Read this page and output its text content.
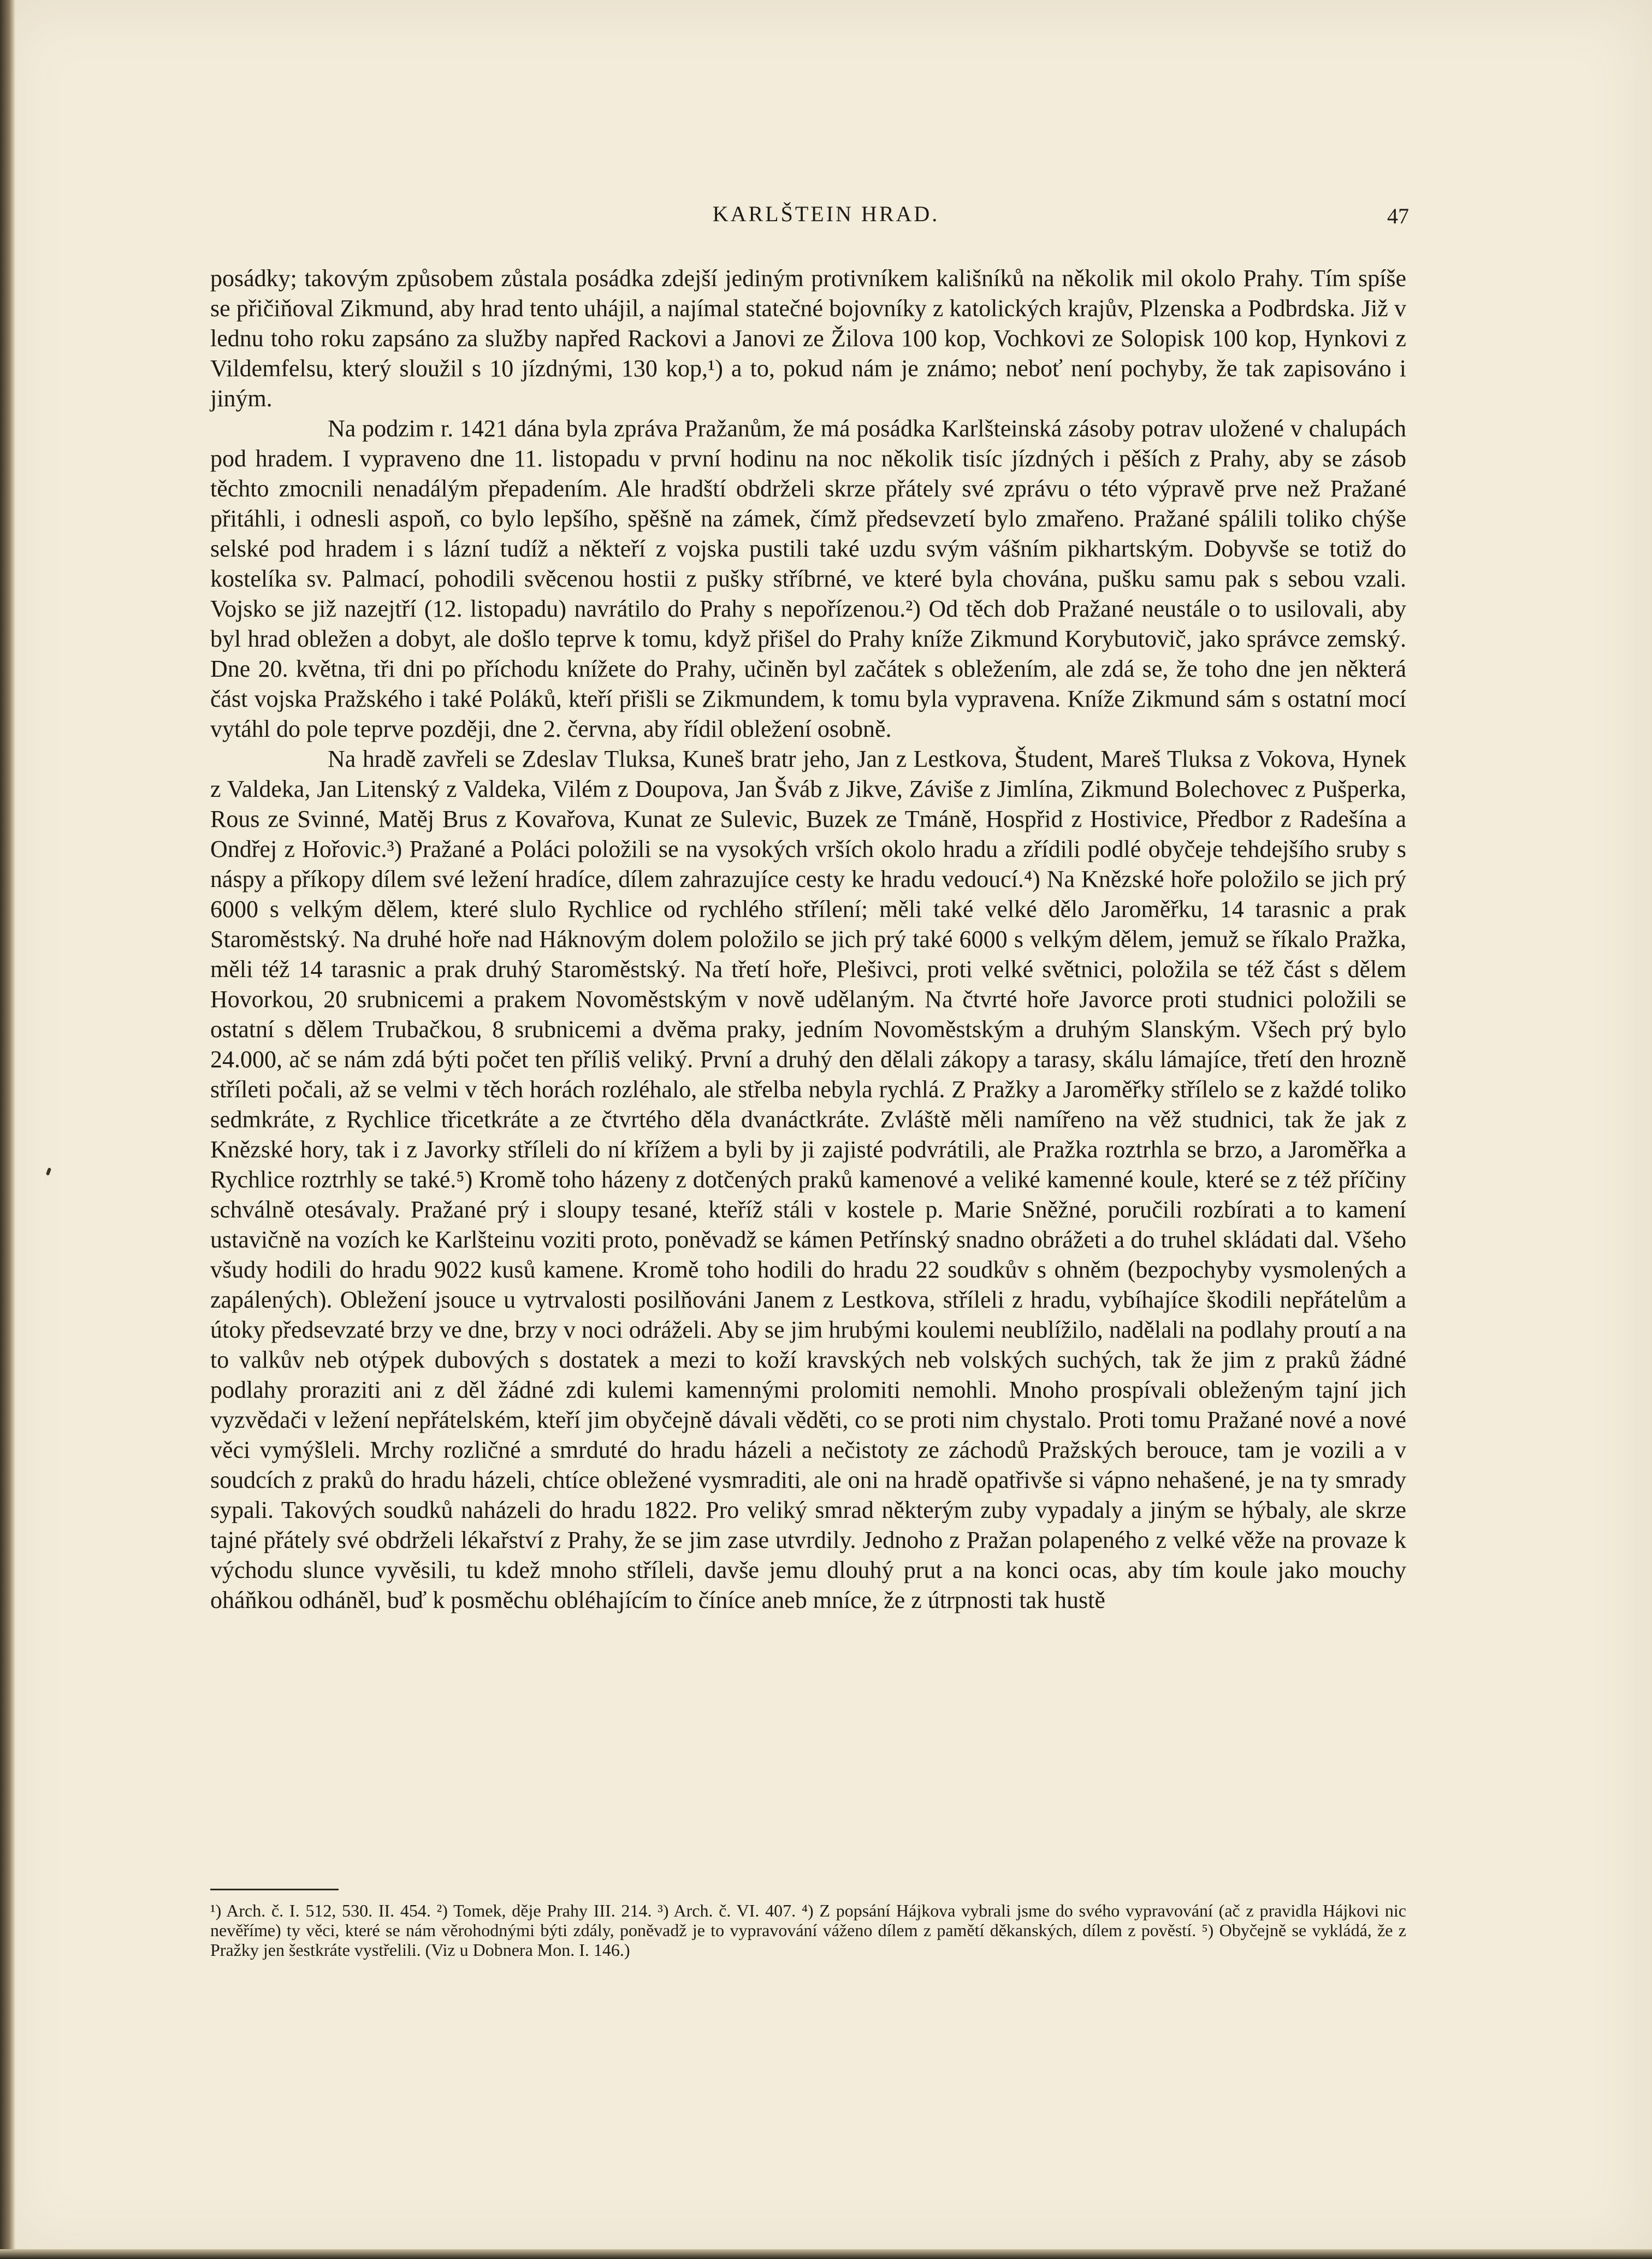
KARLŠTEIN HRAD.	47

posádky; takovým způsobem zůstala posádka zdejší jediným protivníkem kališníků na několik mil okolo Prahy. Tím spíše se přičiňoval Zikmund, aby hrad tento uhájil, a najímal statečné bojovníky z katolických krajův, Plzenska a Podbrdska. Již v lednu toho roku zapsáno za služby napřed Rackovi a Janovi ze Žilova 100 kop, Vochkovi ze Solopisk 100 kop, Hynkovi z Vildemfelsu, který sloužil s 10 jízdnými, 130 kop,¹) a to, pokud nám je známo; neboť není pochyby, že tak zapisováno i jiným.

Na podzim r. 1421 dána byla zpráva Pražanům, že má posádka Karlšteinská zásoby potrav uložené v chalupách pod hradem. I vypraveno dne 11. listopadu v první hodinu na noc několik tisíc jízdných i pěších z Prahy, aby se zásob těchto zmocnili nenadálým přepadením. Ale hradští obdrželi skrze přátely své zprávu o této výpravě prve než Pražané přitáhli, i odnesli aspoň, co bylo lepšího, spěšně na zámek, čímž předsevzetí bylo zmařeno. Pražané spálili toliko chýše selské pod hradem i s lázní tudíž a někteří z vojska pustili také uzdu svým vášním pikhartským. Dobyvše se totiž do kostelíka sv. Palmací, pohodili svěcenou hostii z pušky stříbrné, ve které byla chována, pušku samu pak s sebou vzali. Vojsko se již nazejtří (12. listopadu) navrátilo do Prahy s nepořízenou.²) Od těch dob Pražané neustále o to usilovali, aby byl hrad obležen a dobyt, ale došlo teprve k tomu, když přišel do Prahy kníže Zikmund Korybutovič, jako správce zemský. Dne 20. května, tři dni po příchodu knížete do Prahy, učiněn byl začátek s obležením, ale zdá se, že toho dne jen některá část vojska Pražského i také Poláků, kteří přišli se Zikmundem, k tomu byla vypravena. Kníže Zikmund sám s ostatní mocí vytáhl do pole teprve později, dne 2. června, aby řídil obležení osobně.

Na hradě zavřeli se Zdeslav Tluksa, Kuneš bratr jeho, Jan z Lestkova, Študent, Mareš Tluksa z Vokova, Hynek z Valdeka, Jan Litenský z Valdeka, Vilém z Doupova, Jan Šváb z Jikve, Záviše z Jimlína, Zikmund Bolechovec z Pušperka, Rous ze Svinné, Matěj Brus z Kovařova, Kunat ze Sulevic, Buzek ze Tmáně, Hospřid z Hostivice, Předbor z Radešína a Ondřej z Hořovic.³) Pražané a Poláci položili se na vysokých vrších okolo hradu a zřídili podlé obyčeje tehdejšího sruby s náspy a příkopy dílem své ležení hradíce, dílem zahrazujíce cesty ke hradu vedoucí.⁴) Na Knězské hoře položilo se jich prý 6000 s velkým dělem, které slulo Rychlice od rychlého střílení; měli také velké dělo Jaroměřku, 14 tarasnic a prak Staroměstský. Na druhé hoře nad Háknovým dolem položilo se jich prý také 6000 s velkým dělem, jemuž se říkalo Pražka, měli též 14 tarasnic a prak druhý Staroměstský. Na třetí hoře, Plešivci, proti velké světnici, položila se též část s dělem Hovorkou, 20 srubnicemi a prakem Novoměstským v nově udělaným. Na čtvrté hoře Javorce proti studnici položili se ostatní s dělem Trubačkou, 8 srubnicemi a dvěma praky, jedním Novoměstským a druhým Slanským. Všech prý bylo 24.000, ač se nám zdá býti počet ten příliš veliký. První a druhý den dělali zákopy a tarasy, skálu lámajíce, třetí den hrozně stříleti počali, až se velmi v těch horách rozléhalo, ale střelba nebyla rychlá. Z Pražky a Jaroměřky střílelo se z každé toliko sedmkráte, z Rychlice třicetkráte a ze čtvrtého děla dvanáctkráte. Zvláště měli namířeno na věž studnici, tak že jak z Knězské hory, tak i z Javorky stříleli do ní křížem a byli by ji zajisté podvrátili, ale Pražka roztrhla se brzo, a Jaroměřka a Rychlice roztrhly se také.⁵) Kromě toho házeny z dotčených praků kamenové a veliké kamenné koule, které se z též příčiny schválně otesávaly. Pražané prý i sloupy tesané, kteříž stáli v kostele p. Marie Sněžné, poručili rozbírati a to kamení ustavičně na vozích ke Karlšteinu voziti proto, poněvadž se kámen Petřínský snadno obrážeti a do truhel skládati dal. Všeho všudy hodili do hradu 9022 kusů kamene. Kromě toho hodili do hradu 22 soudkův s ohněm (bezpochyby vysmolených a zapálených). Obležení jsouce u vytrvalosti posilňováni Janem z Lestkova, stříleli z hradu, vybíhajíce škodili nepřátelům a útoky předsevzaté brzy ve dne, brzy v noci odráželi. Aby se jim hrubými koulemi neublížilo, nadělali na podlahy proutí a na to valkův neb otýpek dubových s dostatek a mezi to koží kravských neb volských suchých, tak že jim z praků žádné podlahy proraziti ani z děl žádné zdi kulemi kamennými prolomiti nemohli. Mnoho prospívali obleženým tajní jich vyzvědači v ležení nepřátelském, kteří jim obyčejně dávali věděti, co se proti nim chystalo. Proti tomu Pražané nové a nové věci vymýšleli. Mrchy rozličné a smrduté do hradu házeli a nečistoty ze záchodů Pražských berouce, tam je vozili a v soudcích z praků do hradu házeli, chtíce obležené vysmraditi, ale oni na hradě opatřivše si vápno nehašené, je na ty smrady sypali. Takových soudků naházeli do hradu 1822. Pro veliký smrad některým zuby vypadaly a jiným se hýbaly, ale skrze tajné přátely své obdrželi lékařství z Prahy, že se jim zase utvrdily. Jednoho z Pražan polapeného z velké věže na provaze k východu slunce vyvěsili, tu kdež mnoho stříleli, davše jemu dlouhý prut a na konci ocas, aby tím koule jako mouchy oháňkou odháněl, buď k posměchu obléhajícím to číníce aneb mníce, že z útrpnosti tak hustě

¹) Arch. č. I. 512, 530. II. 454. ²) Tomek, děje Prahy III. 214. ³) Arch. č. VI. 407. ⁴) Z popsání Hájkova vybrali jsme do svého vypravování (ač z pravidla Hájkovi nic nevěříme) ty věci, které se nám věrohodnými býti zdály, poněvadž je to vypravování váženo dílem z pamětí děkanských, dílem z pověstí. ⁵) Obyčejně se vykládá, že z Pražky jen šestkráte vystřelili. (Viz u Dobnera Mon. I. 146.)
